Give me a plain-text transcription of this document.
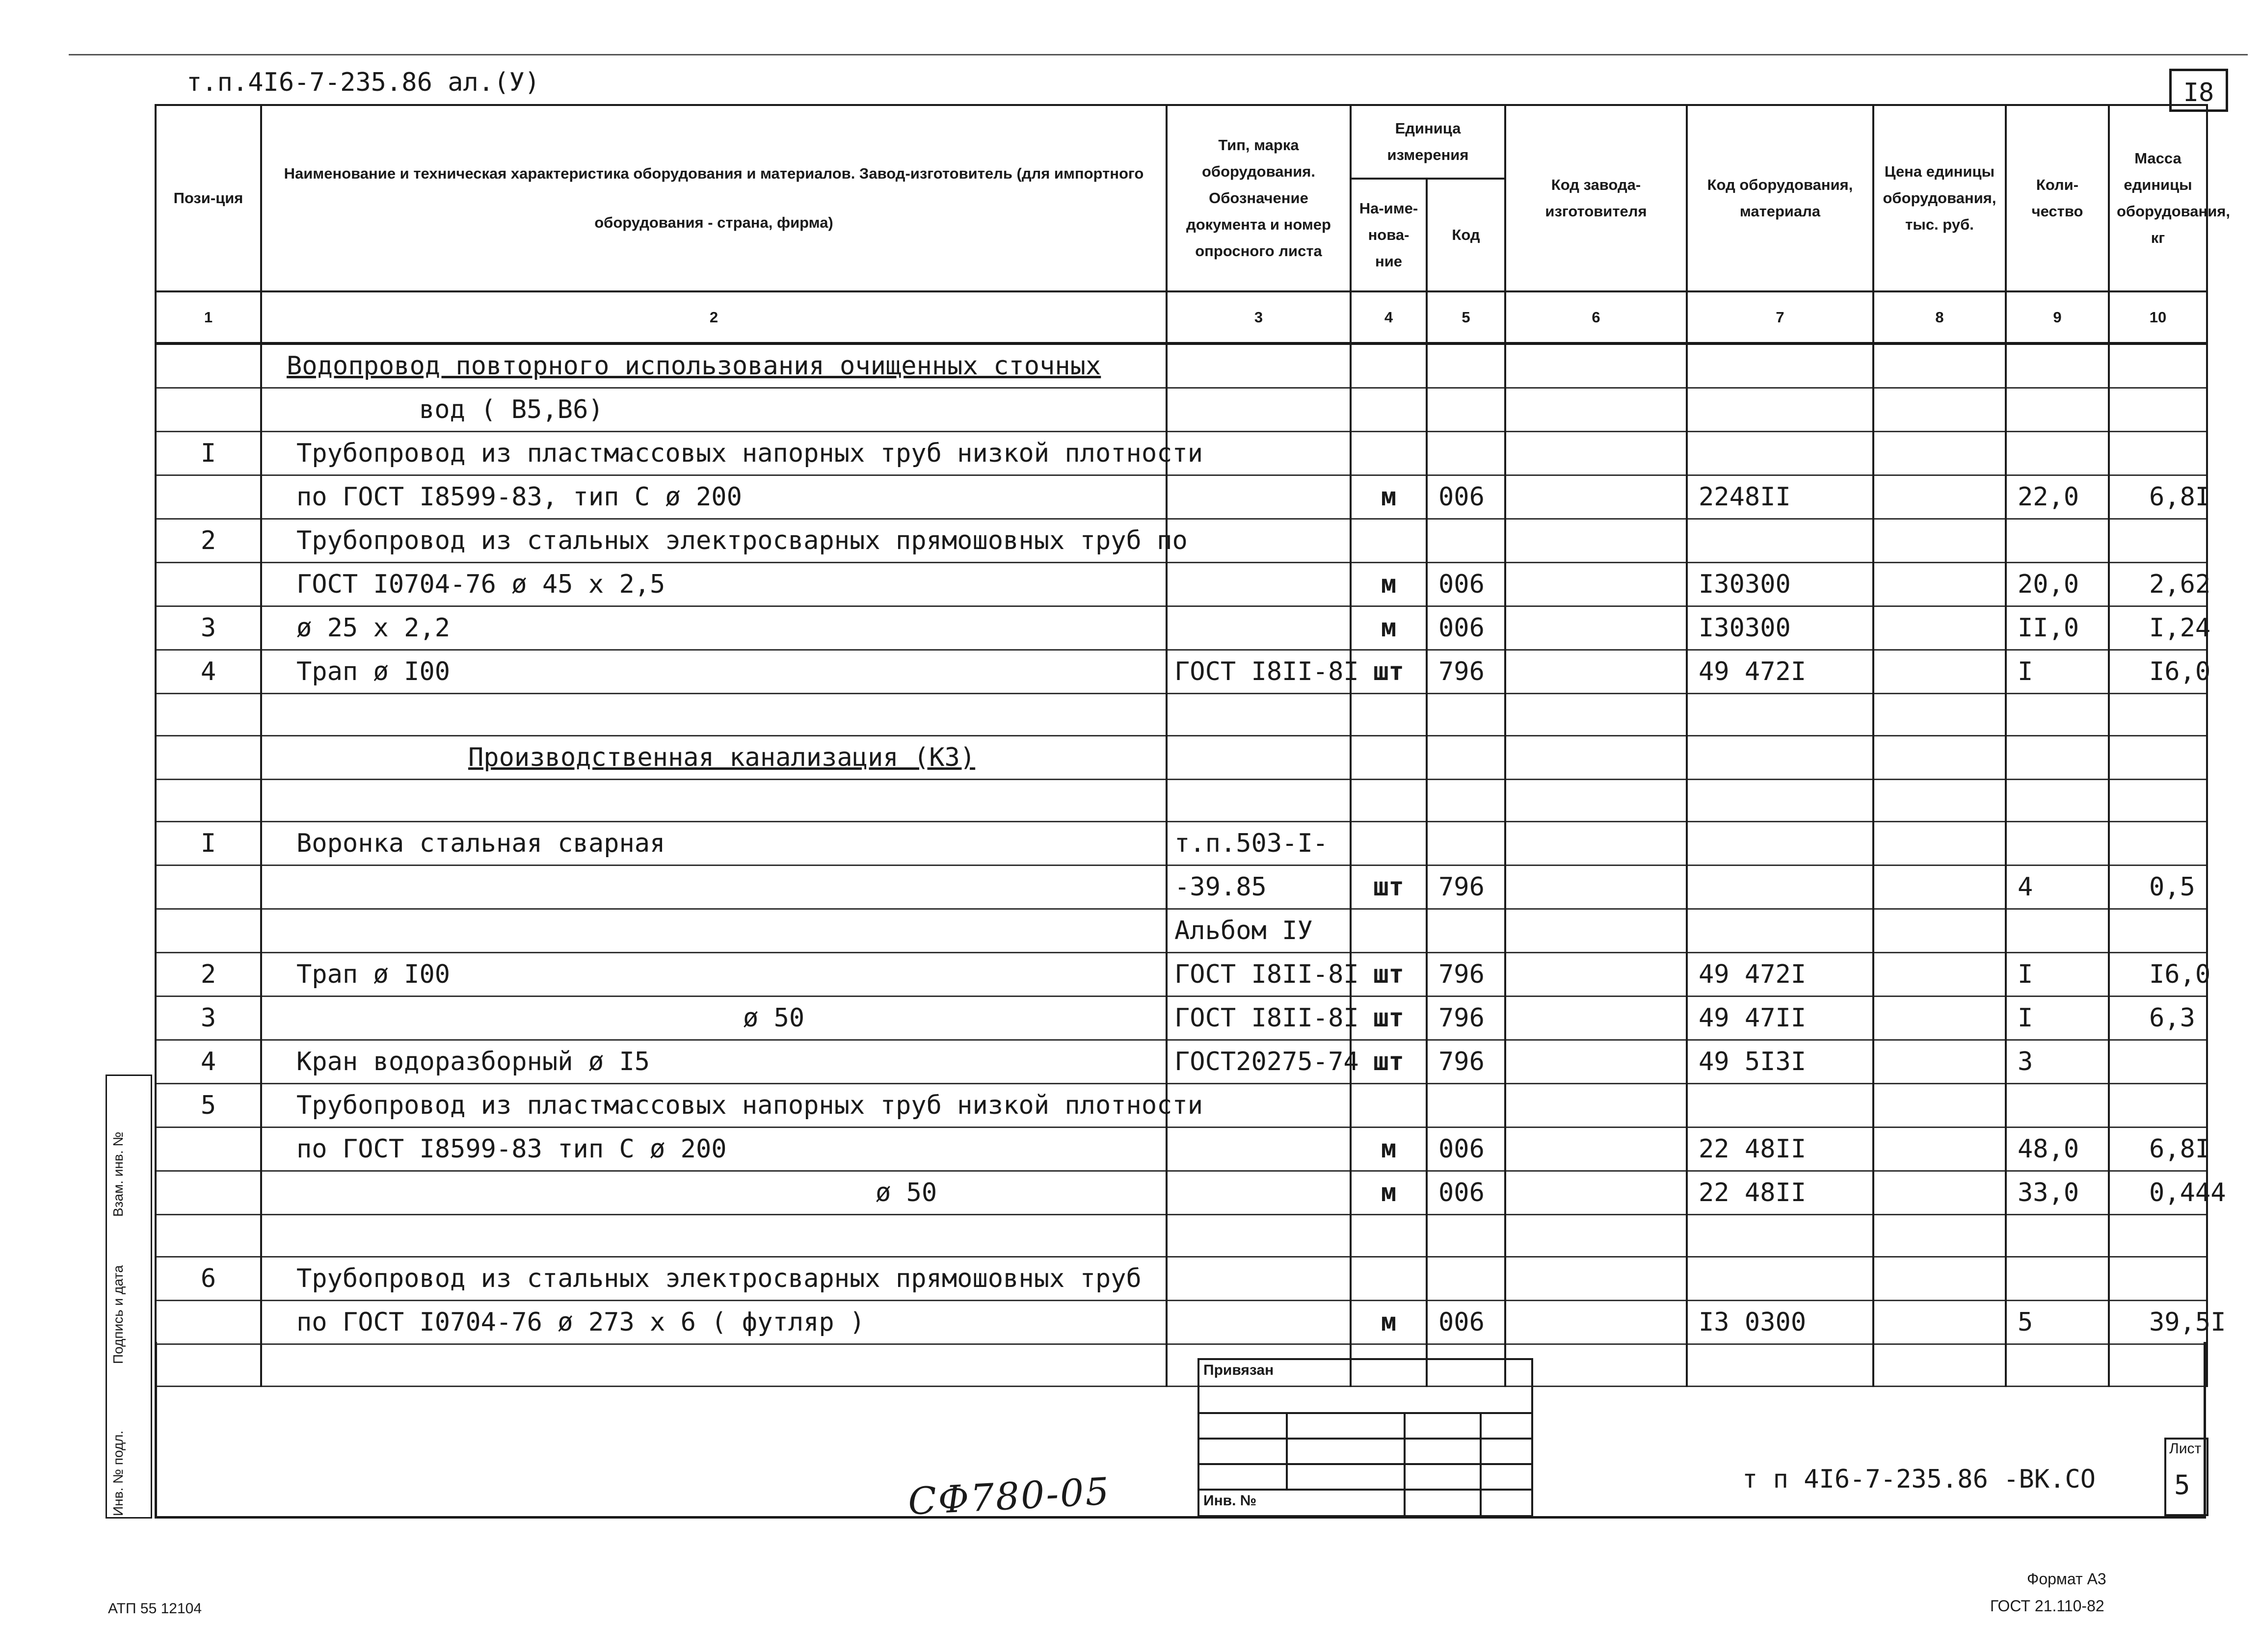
т.п.4I6-7-235.86 ал.(У)	I8
Пози-ция	Наименование и техническая характеристика оборудования и материалов. Завод-изготовитель (для импортного оборудования - страна, фирма)	Тип, марка оборудования. Обозначение документа и номер опросного листа	Единица измерения		Код завода-изготовителя	Код оборудования, материала	Цена единицы оборудования, тыс. руб.	Коли-чество	Масса единицы оборудования, кг
			На-име-нова-ние	Код					
1	2	3	4	5	6	7	8	9	10
	Водопровод повторного использования очищенных сточных								
	вод ( В5,В6)								
I	Трубопровод из пластмассовых напорных труб низкой плотности								
	по ГОСТ I8599-83, тип С ø 200		м	006		2248II		22,0	6,8I
2	Трубопровод из стальных электросварных прямошовных труб по								
	ГОСТ I0704-76 ø 45 х 2,5		м	006		I30300		20,0	2,62
3	ø 25 х 2,2		м	006		I30300		II,0	I,24
4	Трап ø I00	ГОСТ I8II-8I	шт	796		49 472I		I	I6,0

	Производственная канализация (К3)								

I	Воронка стальная сварная	т.п.503-I-							
		-39.85	шт	796				4	0,5
		Альбом IУ							
2	Трап ø I00	ГОСТ I8II-8I	шт	796		49 472I		I	I6,0
3	ø 50	ГОСТ I8II-8I	шт	796		49 47II		I	6,3
4	Кран водоразборный ø I5	ГОСТ20275-74	шт	796		49 5I3I		3	
5	Трубопровод из пластмассовых напорных труб низкой плотности								
	по ГОСТ I8599-83 тип С ø 200		м	006		22 48II		48,0	6,8I
	ø 50		м	006		22 48II		33,0	0,444

6	Трубопровод из стальных электросварных прямошовных труб								
	по ГОСТ I0704-76 ø 273 х 6 ( футляр )		м	006		I3 0300		5	39,5I

Привязан			

Инв. №			
СФ780-05	т п 4I6-7-235.86 -ВК.СО
Лист
5
Взам. инв. №
Подпись и дата
Инв. № подл.
Формат А3
ГОСТ 21.110-82
АТП 55 12104
